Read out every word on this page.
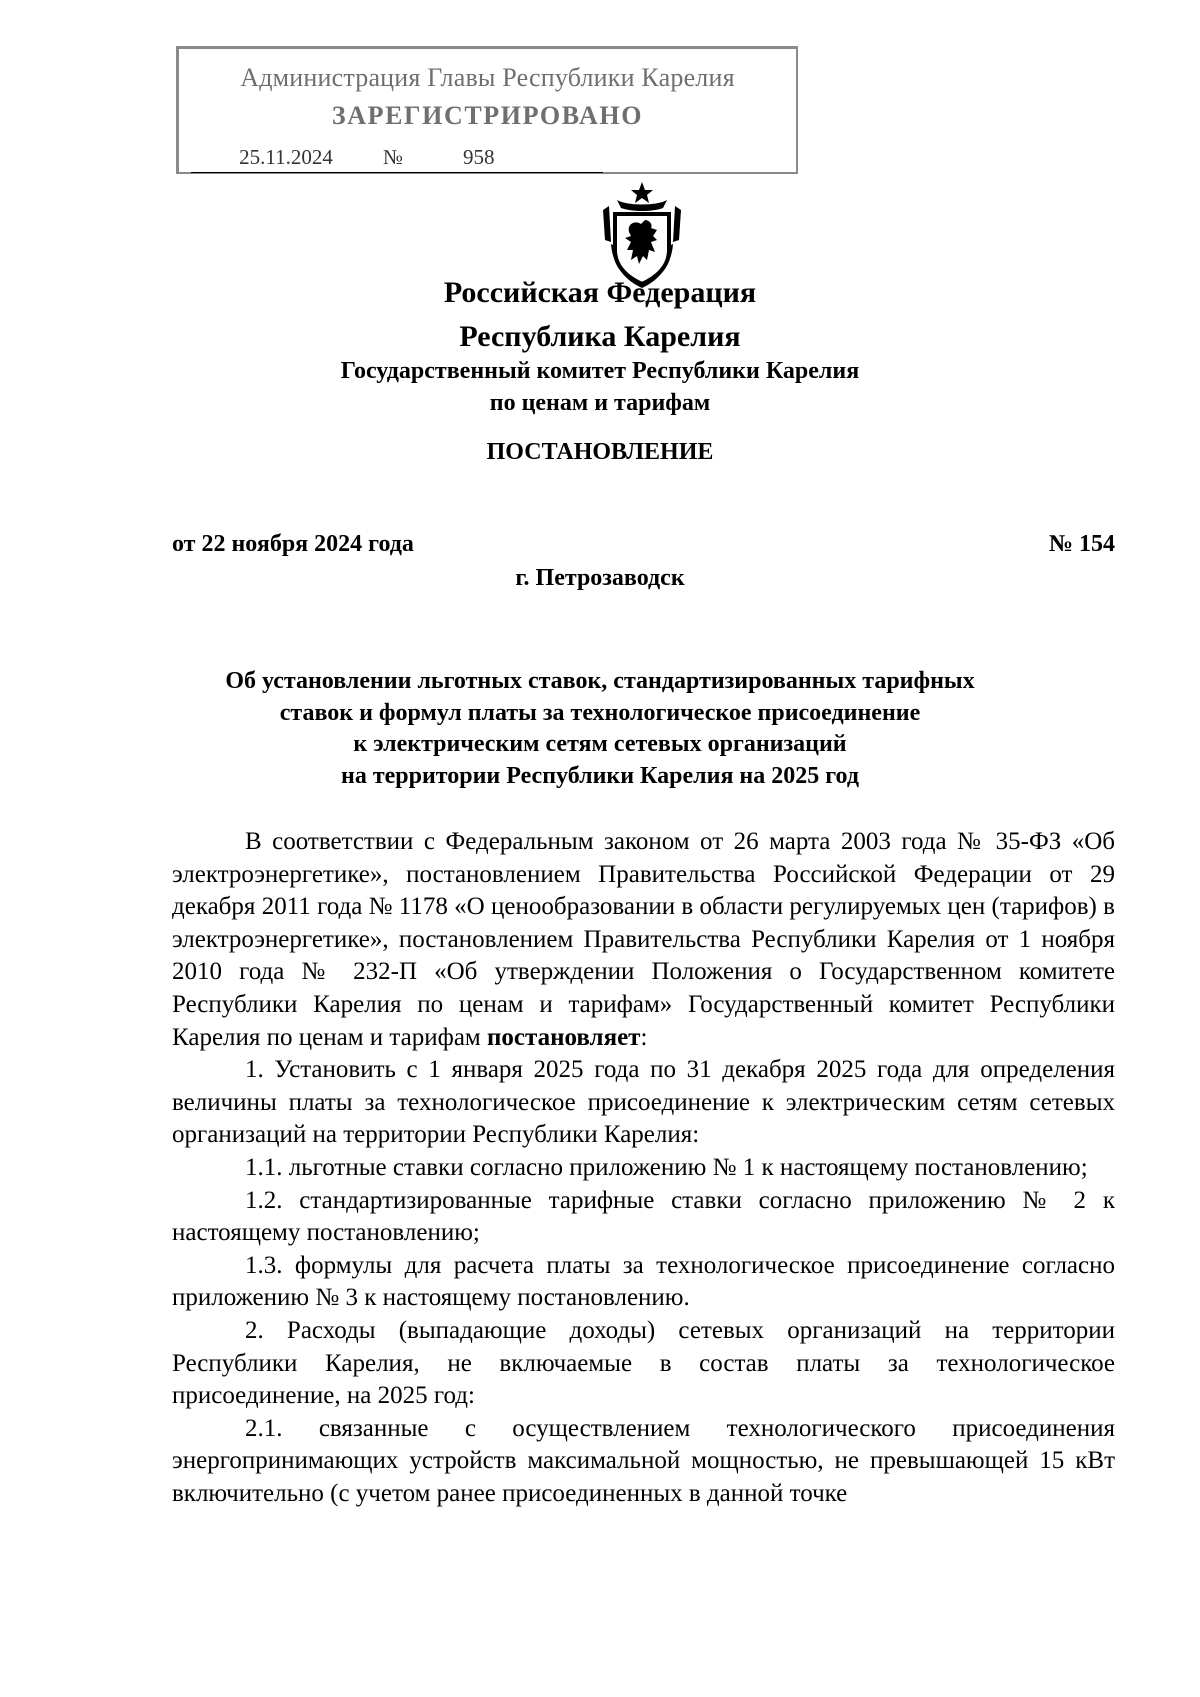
Администрация Главы Республики Карелия
ЗАРЕГИСТРИРОВАНО
25.11.2024	№	958
Российская Федерация
Республика Карелия
Государственный комитет Республики Карелия
по ценам и тарифам
ПОСТАНОВЛЕНИЕ
от 22 ноября 2024 года	№ 154
г. Петрозаводск
Об установлении льготных ставок, стандартизированных тарифных
ставок и формул платы за технологическое присоединение
к электрическим сетям сетевых организаций
на территории Республики Карелия на 2025 год

В соответствии с Федеральным законом от 26 марта 2003 года № 35-ФЗ «Об электроэнергетике», постановлением Правительства Российской Федерации от 29 декабря 2011 года № 1178 «О ценообразовании в области регулируемых цен (тарифов) в электроэнергетике», постановлением Правительства Республики Карелия от 1 ноября 2010 года № 232-П «Об утверждении Положения о Государственном комитете Республики Карелия по ценам и тарифам» Государственный комитет Республики Карелия по ценам и тарифам постановляет:

1. Установить с 1 января 2025 года по 31 декабря 2025 года для определения величины платы за технологическое присоединение к электрическим сетям сетевых организаций на территории Республики Карелия:

1.1. льготные ставки согласно приложению № 1 к настоящему постановлению;

1.2. стандартизированные тарифные ставки согласно приложению № 2 к настоящему постановлению;

1.3. формулы для расчета платы за технологическое присоединение согласно приложению № 3 к настоящему постановлению.

2. Расходы (выпадающие доходы) сетевых организаций на территории Республики Карелия, не включаемые в состав платы за технологическое присоединение, на 2025 год:

2.1. связанные с осуществлением технологического присоединения энергопринимающих устройств максимальной мощностью, не превышающей 15 кВт включительно (с учетом ранее присоединенных в данной точке
